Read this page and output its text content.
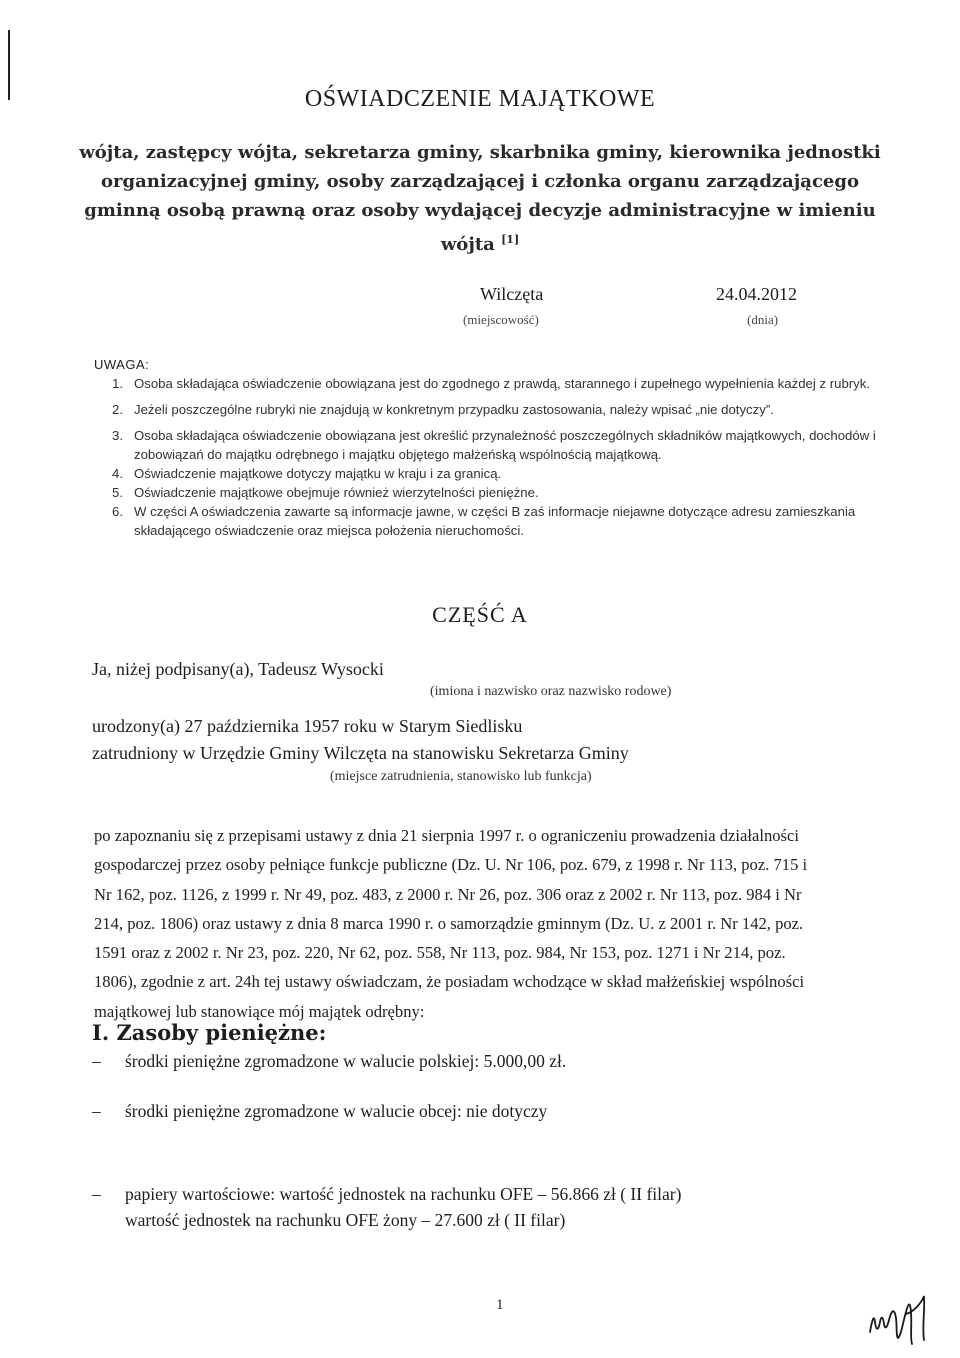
OŚWIADCZENIE MAJĄTKOWE
wójta, zastępcy wójta, sekretarza gminy, skarbnika gminy, kierownika jednostki
organizacyjnej gminy, osoby zarządzającej i członka organu zarządzającego
gminną osobą prawną oraz osoby wydającej decyzje administracyjne w imieniu
wójta [1]
Wilczęta
(miejscowość)
24.04.2012
(dnia)
UWAGA:
1. Osoba składająca oświadczenie obowiązana jest do zgodnego z prawdą, starannego i zupełnego wypełnienia każdej z rubryk.
2. Jeżeli poszczególne rubryki nie znajdują w konkretnym przypadku zastosowania, należy wpisać „nie dotyczy”.
3. Osoba składająca oświadczenie obowiązana jest określić przynależność poszczególnych składników majątkowych, dochodów i zobowiązań do majątku odrębnego i majątku objętego małżeńską wspólnością majątkową.
4. Oświadczenie majątkowe dotyczy majątku w kraju i za granicą.
5. Oświadczenie majątkowe obejmuje również wierzytelności pieniężne.
6. W części A oświadczenia zawarte są informacje jawne, w części B zaś informacje niejawne dotyczące adresu zamieszkania składającego oświadczenie oraz miejsca położenia nieruchomości.
CZĘŚĆ A
Ja, niżej podpisany(a), Tadeusz Wysocki
(imiona i nazwisko oraz nazwisko rodowe)
urodzony(a) 27 października 1957 roku w Starym Siedlisku
zatrudniony w Urzędzie Gminy Wilczęta na stanowisku Sekretarza Gminy
(miejsce zatrudnienia, stanowisko lub funkcja)
po zapoznaniu się z przepisami ustawy z dnia 21 sierpnia 1997 r. o ograniczeniu prowadzenia działalności
gospodarczej przez osoby pełniące funkcje publiczne (Dz. U. Nr 106, poz. 679, z 1998 r. Nr 113, poz. 715 i
Nr 162, poz. 1126, z 1999 r. Nr 49, poz. 483, z 2000 r. Nr 26, poz. 306 oraz z 2002 r. Nr 113, poz. 984 i Nr
214, poz. 1806) oraz ustawy z dnia 8 marca 1990 r. o samorządzie gminnym (Dz. U. z 2001 r. Nr 142, poz.
1591 oraz z 2002 r. Nr 23, poz. 220, Nr 62, poz. 558, Nr 113, poz. 984, Nr 153, poz. 1271 i Nr 214, poz.
1806), zgodnie z art. 24h tej ustawy oświadczam, że posiadam wchodzące w skład małżeńskiej wspólności
majątkowej lub stanowiące mój majątek odrębny:
I. Zasoby pieniężne:
– środki pieniężne zgromadzone w walucie polskiej: 5.000,00 zł.
– środki pieniężne zgromadzone w walucie obcej: nie dotyczy
– papiery wartościowe: wartość jednostek na rachunku OFE – 56.866 zł ( II filar)
wartość jednostek na rachunku OFE żony – 27.600 zł ( II filar)
1
